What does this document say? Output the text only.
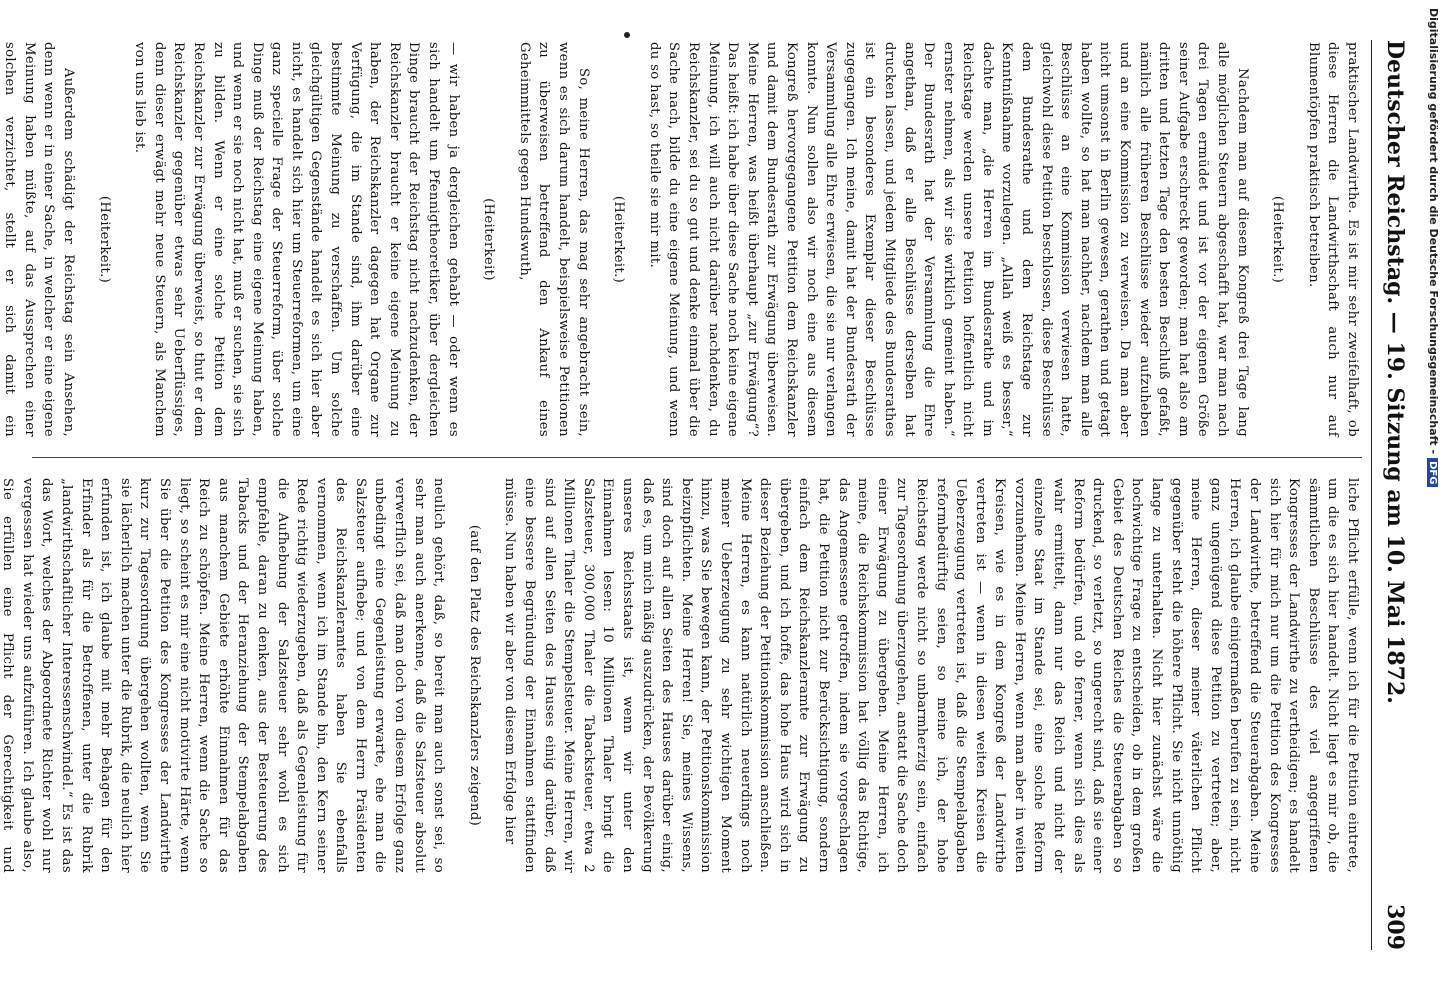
Deutscher Reichstag. — 19. Sitzung am 10. Mai 1872.
309

praktischer Landwirthe. Es ist mir sehr zweifelhaft, ob diese Herren die Landwirthschaft auch nur auf Blumentöpfen praktisch betreiben.

(Heiterkeit.)

Nachdem man auf diesem Kongreß drei Tage lang alle möglichen Steuern abgeschafft hat, war man nach drei Tagen ermüdet und ist vor der eigenen Größe seiner Aufgabe erschreckt geworden; man hat also am dritten und letzten Tage den besten Beschluß gefaßt, nämlich alle früheren Beschlüsse wieder aufzuheben und an eine Kommission zu verweisen. Da man aber nicht umsonst in Berlin gewesen, gerathen und getagt haben wollte, so hat man nachher, nachdem man alle Beschlüsse an eine Kommission verwiesen hatte, gleichwohl diese Petition beschlossen, diese Beschlüsse dem Bundesrathe und dem Reichstage zur Kenntnißnahme vorzulegen. „Allah weiß es besser,“ dachte man, „die Herren im Bundesrathe und im Reichstage werden unsere Petition hoffentlich nicht ernster nehmen, als wir sie wirklich gemeint haben.“ Der Bundesrath hat der Versammlung die Ehre angethan, daß er alle Beschlüsse derselben hat drucken lassen, und jedem Mitgliede des Bundesrathes ist ein besonderes Exemplar dieser Beschlüsse zugegangen. Ich meine, damit hat der Bundesrath der Versammlung alle Ehre erwiesen, die sie nur verlangen konnte. Nun sollen also wir noch eine aus diesem Kongreß hervorgegangene Petition dem Reichskanzler und damit dem Bundesrath zur Erwägung überweisen. Meine Herren, was heißt überhaupt „zur Erwägung“? Das heißt: ich habe über diese Sache noch keine eigene Meinung, ich will auch nicht darüber nachdenken, du Reichskanzler, sei du so gut und denke einmal über die Sache nach, bilde du eine eigene Meinung, und wenn du so hast, so theile sie mir mit.

(Heiterkeit.)

So, meine Herren, das mag sehr angebracht sein, wenn es sich darum handelt, beispielsweise Petitionen zu überweisen betreffend den Ankauf eines Geheimmittels gegen Hundswuth,

(Heiterkeit)

— wir haben ja dergleichen gehabt — oder wenn es sich handelt um Pfennigtheoretiker, über dergleichen Dinge braucht der Reichstag nicht nachzudenken, der Reichskanzler braucht er keine eigene Meinung zu haben, der Reichskanzler dagegen hat Organe zur Verfügung, die im Stande sind, ihm darüber eine bestimmte Meinung zu verschaffen. Um solche gleichgültigen Gegenstände handelt es sich hier aber nicht, es handelt sich hier um Steuerreformen, um eine ganz specielle Frage der Steuerreform, über solche Dinge muß der Reichstag eine eigene Meinung haben, und wenn er sie noch nicht hat, muß er suchen, sie sich zu bilden. Wenn er eine solche Petition dem Reichskanzler zur Erwägung überweist, so thut er dem Reichskanzler gegenüber etwas sehr Ueberflüssiges, denn dieser erwägt mehr neue Steuern, als Manchem von uns lieb ist.

(Heiterkeit.)

Außerdem schädigt der Reichstag sein Ansehen, denn wenn er in einer Sache, in welcher er eine eigene Meinung haben müßte, auf das Aussprechen einer solchen verzichtet, stellt er sich damit ein

liche Pflicht erfülle, wenn ich für die Petition eintrete, um die es sich hier handelt. Nicht liegt es mir ob, die sämmtlichen Beschlüsse des viel angegriffenen Kongresses der Landwirthe zu vertheidigen; es handelt sich hier für mich nur um die Petition des Kongresses der Landwirthe, betreffend die Steuerabgaben. Meine Herren, ich glaube einigermaßen berufen zu sein, nicht ganz ungenügend diese Petition zu vertreten; aber, meine Herren, dieser meiner väterlichen Pflicht gegenüber steht die höhere Pflicht. Sie nicht unnöthig lange zu unterhalten. Nicht hier zunächst wäre die hochwichtige Frage zu entscheiden, ob in dem großen Gebiet des Deutschen Reiches die Steuerabgaben so druckend, so verletzt, so ungerecht sind, daß sie einer Reform bedürfen, und ob ferner, wenn sich dies als wahr ermittelt, dann nur das Reich und nicht der einzelne Staat im Stande sei, eine solche Reform vorzunehmen. Meine Herren, wenn man aber in weiten Kreisen, wie es in dem Kongreß der Landwirthe vertreten ist — wenn in diesen weiten Kreisen die Ueberzeugung vertreten ist, daß die Stempelabgaben reformbedürftig seien, so meine ich, der hohe Reichstag werde nicht so unbarmherzig sein, einfach zur Tagesordnung überzugehen, anstatt die Sache doch einer Erwägung zu übergeben. Meine Herren, ich meine, die Reichskommission hat völlig das Richtige, das Angemessene getroffen, indem sie vorgeschlagen hat, die Petition nicht zur Berücksichtigung, sondern einfach dem Reichskanzleramte zur Erwägung zu übergeben, und ich hoffe, das hohe Haus wird sich in dieser Beziehung der Petitionskommission anschließen. Meine Herren, es kann natürlich neuerdings noch meiner Ueberzeugung zu sehr wichtigen Moment hinzu, was Sie bewegen kann, der Petitionskommission beizupflichten. Meine Herren! Sie, meines Wissens, sind doch auf allen Seiten des Hauses darüber einig, daß es, um mich mäßig auszudrücken, der Bevölkerung unseres Reichsstaats ist, wenn wir unter den Einnahmen lesen: 10 Millionen Thaler bringt die Salzsteuer, 300,000 Thaler die Tabacksteuer, etwa 2 Millionen Thaler die Stempelsteuer. Meine Herren, wir sind auf allen Seiten des Hauses einig darüber, daß eine bessere Begründung der Einnahmen stattfinden müsse. Nun haben wir aber von diesem Erfolge hier

(auf den Platz des Reichskanzlers zeigend)

neulich gehört, daß, so bereit man auch sonst sei, so sehr man auch anerkenne, daß die Salzsteuer absolut verwerflich sei, daß man doch von diesem Erfolge ganz unbedingt eine Gegenleistung erwarte, ehe man die Salzsteuer aufhebe; und von dem Herrn Präsidenten des Reichskanzleramtes haben Sie ebenfalls vernommen, wenn ich im Stande bin, den Kern seiner Rede richtig wiederzugeben, daß als Gegenleistung für die Aufhebung der Salzsteuer sehr wohl es sich empfehle, daran zu denken, aus der Besteuerung des Tabacks und der Heranziehung der Stempelabgaben aus manchem Gebiete erhöhte Einnahmen für das Reich zu schöpfen. Meine Herren, wenn die Sache so liegt, so scheint es mir eine nicht motivirte Härte, wenn Sie über die Petition des Kongresses der Landwirthe kurz zur Tagesordnung übergehen wollten, wenn Sie sie lächerlich machen unter die Rubrik, die neulich hier erfunden ist, ich glaube mit mehr Behagen für den Erfinder als für die Betroffenen, unter die Rubrik „landwirthschaftlicher Interessenschwindel.“ Es ist das das Wort, welches der Abgeordnete Richter wohl nur vergessen hat wieder uns aufzuführen. Ich glaube also, Sie erfüllen eine Pflicht der Gerechtigkeit und

Digitalisierung gefördert durch die Deutsche Forschungsgemeinschaft -DFG
